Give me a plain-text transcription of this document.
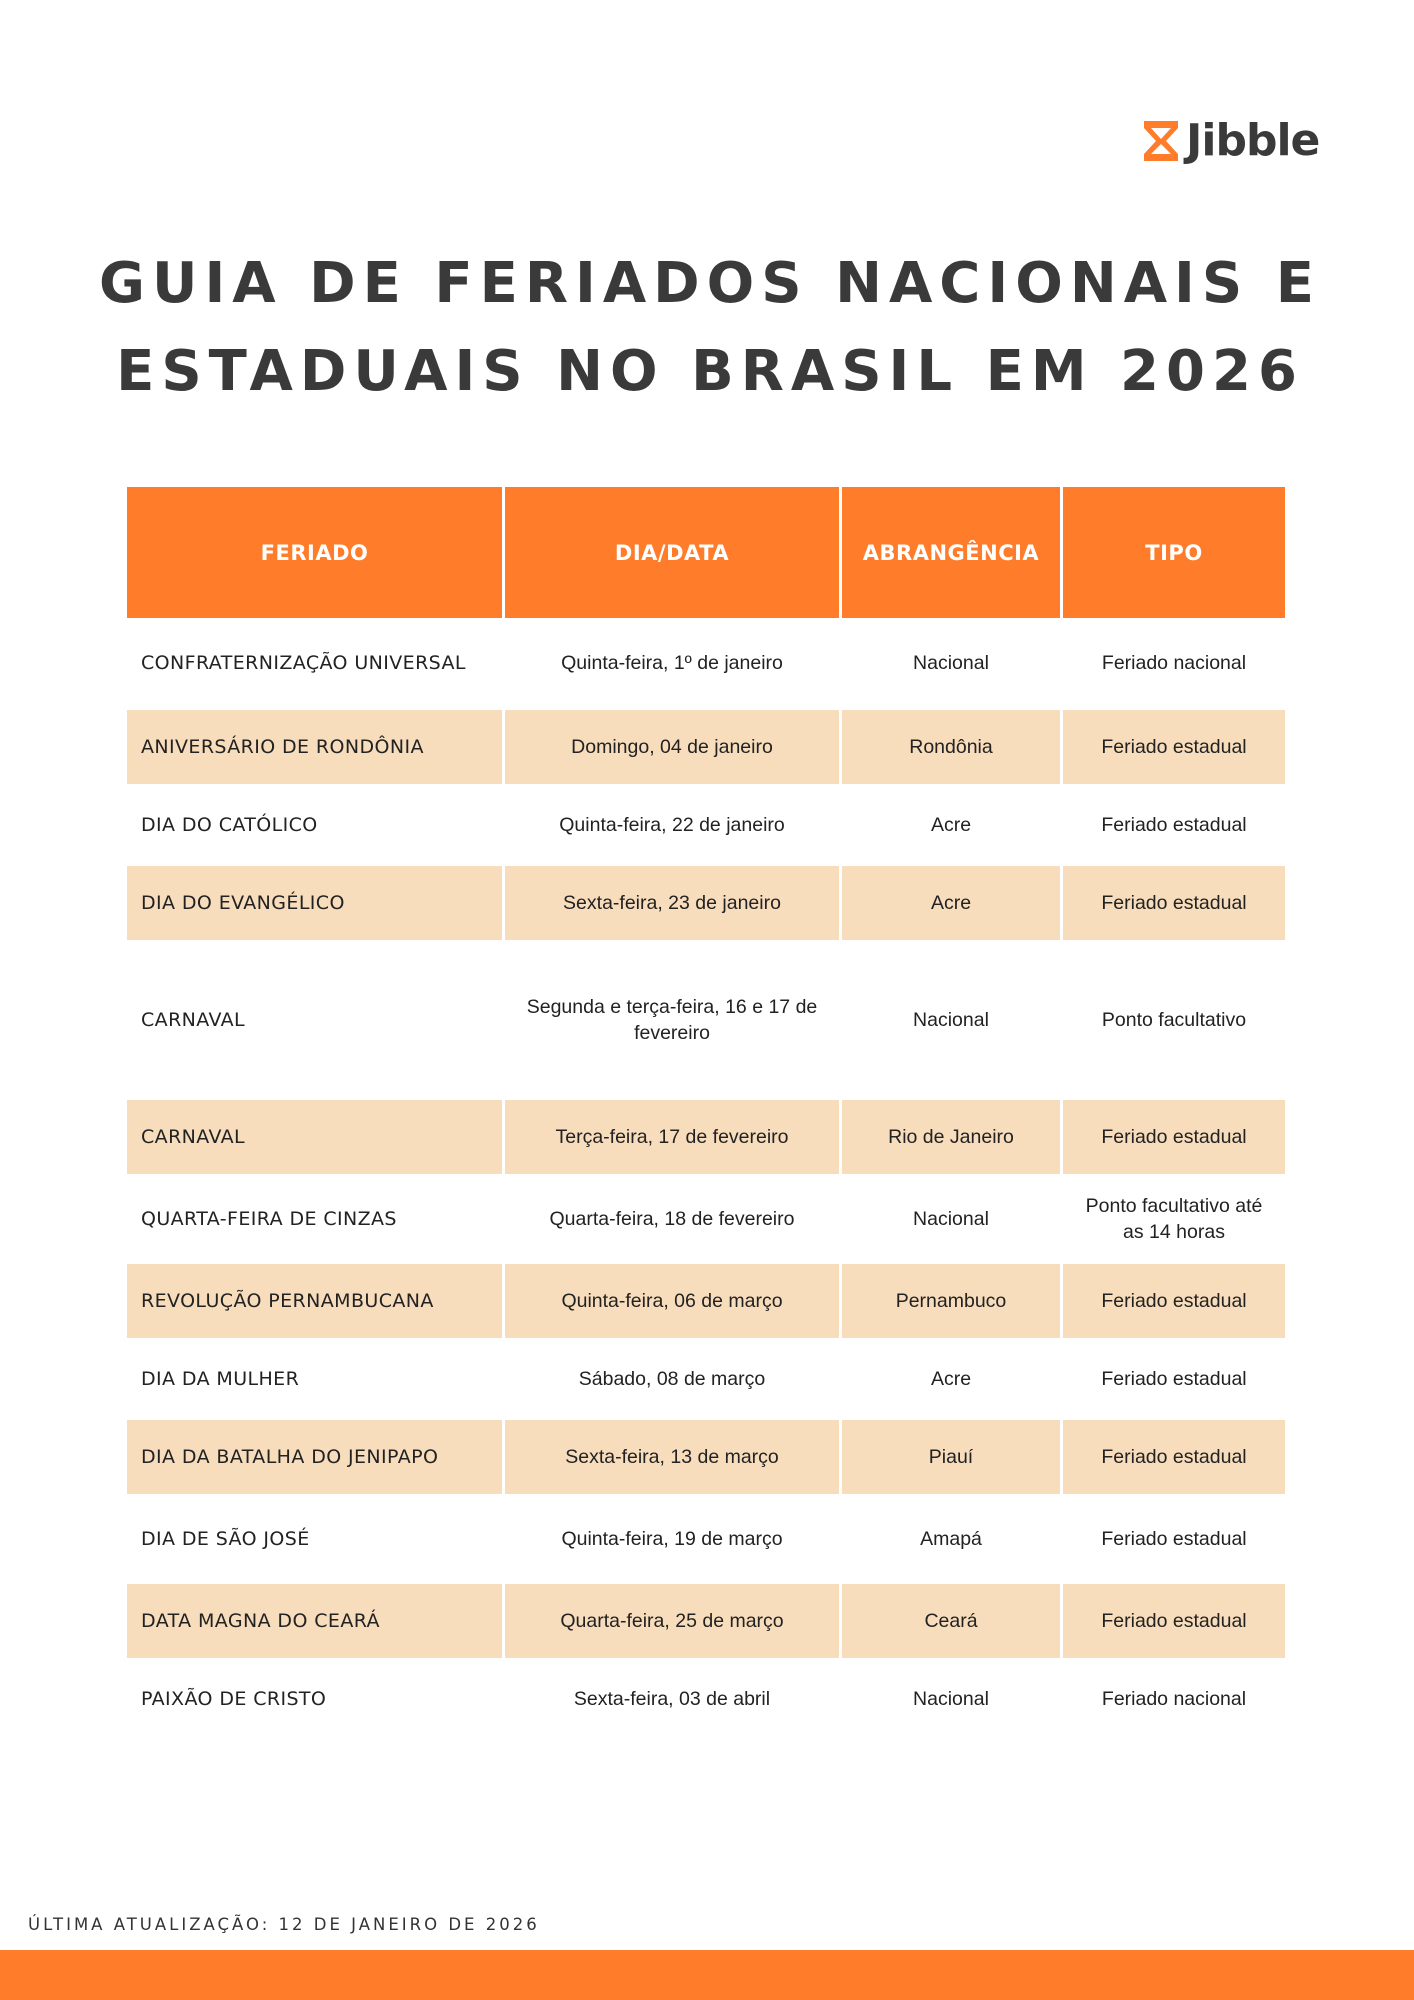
Jibble
GUIA DE FERIADOS NACIONAIS E
ESTADUAIS NO BRASIL EM 2026
FERIADO	DIA/DATA	ABRANGÊNCIA	TIPO
CONFRATERNIZAÇÃO UNIVERSAL	Quinta-feira, 1º de janeiro	Nacional	Feriado nacional
ANIVERSÁRIO DE RONDÔNIA	Domingo, 04 de janeiro	Rondônia	Feriado estadual
DIA DO CATÓLICO	Quinta-feira, 22 de janeiro	Acre	Feriado estadual
DIA DO EVANGÉLICO	Sexta-feira, 23 de janeiro	Acre	Feriado estadual
CARNAVAL	Segunda e terça-feira, 16 e 17 de fevereiro	Nacional	Ponto facultativo
CARNAVAL	Terça-feira, 17 de fevereiro	Rio de Janeiro	Feriado estadual
QUARTA-FEIRA DE CINZAS	Quarta-feira, 18 de fevereiro	Nacional	Ponto facultativo até as 14 horas
REVOLUÇÃO PERNAMBUCANA	Quinta-feira, 06 de março	Pernambuco	Feriado estadual
DIA DA MULHER	Sábado, 08 de março	Acre	Feriado estadual
DIA DA BATALHA DO JENIPAPO	Sexta-feira, 13 de março	Piauí	Feriado estadual
DIA DE SÃO JOSÉ	Quinta-feira, 19 de março	Amapá	Feriado estadual
DATA MAGNA DO CEARÁ	Quarta-feira, 25 de março	Ceará	Feriado estadual
PAIXÃO DE CRISTO	Sexta-feira, 03 de abril	Nacional	Feriado nacional
ÚLTIMA ATUALIZAÇÃO: 12 DE JANEIRO DE 2026
